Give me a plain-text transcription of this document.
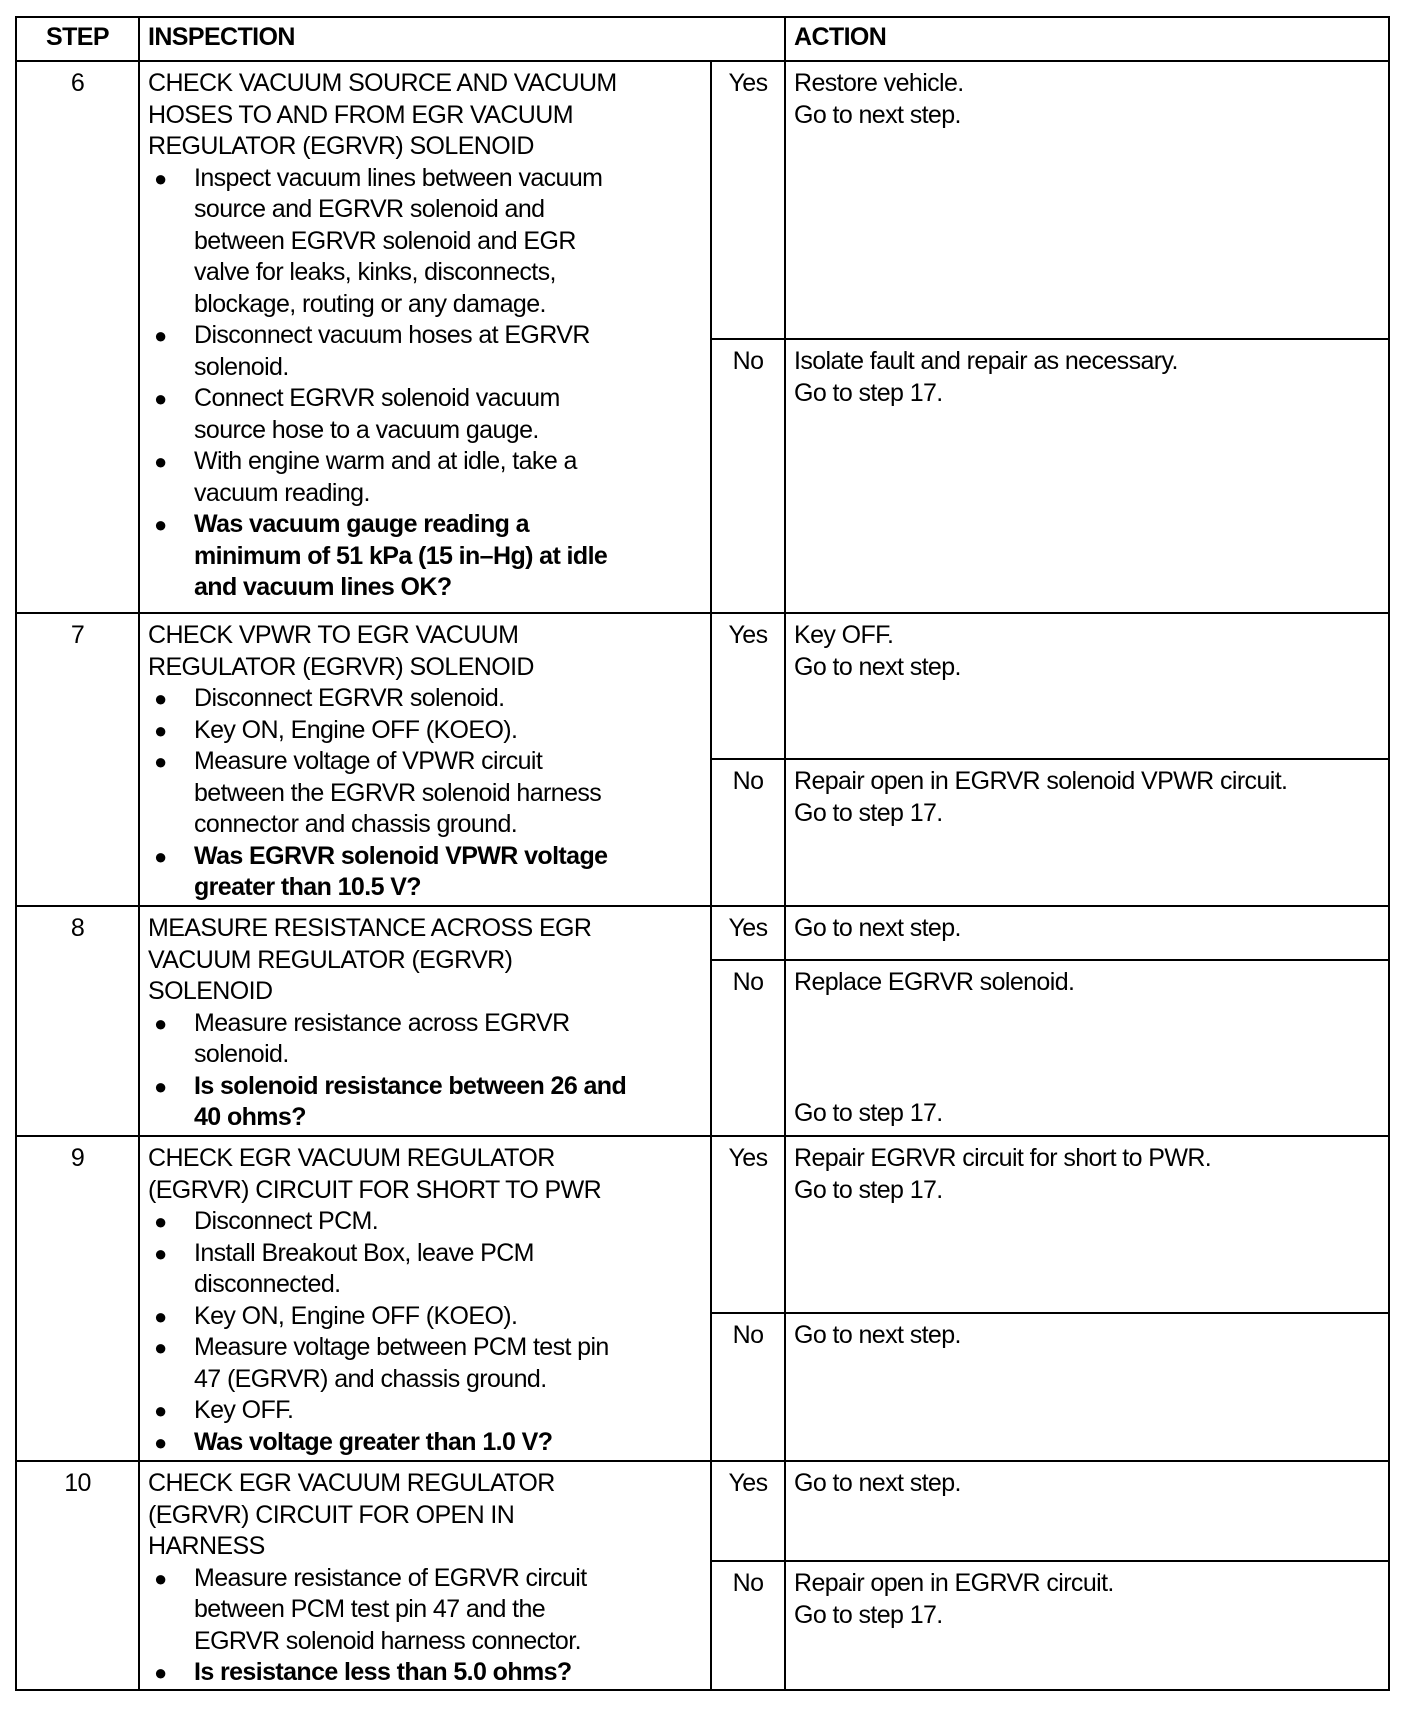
STEP	INSPECTION	ACTION
6	CHECK VACUUM SOURCE AND VACUUM
HOSES TO AND FROM EGR VACUUM
REGULATOR (EGRVR) SOLENOID
● Inspect vacuum lines between vacuum
source and EGRVR solenoid and
between EGRVR solenoid and EGR
valve for leaks, kinks, disconnects,
blockage, routing or any damage.
● Disconnect vacuum hoses at EGRVR
solenoid.
● Connect EGRVR solenoid vacuum
source hose to a vacuum gauge.
● With engine warm and at idle, take a
vacuum reading.
● Was vacuum gauge reading a
minimum of 51 kPa (15 in–Hg) at idle
and vacuum lines OK?
Yes	Restore vehicle.
Go to next step.
No	Isolate fault and repair as necessary.
Go to step 17.
7	CHECK VPWR TO EGR VACUUM
REGULATOR (EGRVR) SOLENOID
● Disconnect EGRVR solenoid.
● Key ON, Engine OFF (KOEO).
● Measure voltage of VPWR circuit
between the EGRVR solenoid harness
connector and chassis ground.
● Was EGRVR solenoid VPWR voltage
greater than 10.5 V?
Yes	Key OFF.
Go to next step.
No	Repair open in EGRVR solenoid VPWR circuit.
Go to step 17.
8	MEASURE RESISTANCE ACROSS EGR
VACUUM REGULATOR (EGRVR)
SOLENOID
● Measure resistance across EGRVR
solenoid.
● Is solenoid resistance between 26 and
40 ohms?
Yes	Go to next step.
No	Replace EGRVR solenoid.
Go to step 17.
9	CHECK EGR VACUUM REGULATOR
(EGRVR) CIRCUIT FOR SHORT TO PWR
● Disconnect PCM.
● Install Breakout Box, leave PCM
disconnected.
● Key ON, Engine OFF (KOEO).
● Measure voltage between PCM test pin
47 (EGRVR) and chassis ground.
● Key OFF.
● Was voltage greater than 1.0 V?
Yes	Repair EGRVR circuit for short to PWR.
Go to step 17.
No	Go to next step.
10	CHECK EGR VACUUM REGULATOR
(EGRVR) CIRCUIT FOR OPEN IN
HARNESS
● Measure resistance of EGRVR circuit
between PCM test pin 47 and the
EGRVR solenoid harness connector.
● Is resistance less than 5.0 ohms?
Yes	Go to next step.
No	Repair open in EGRVR circuit.
Go to step 17.
